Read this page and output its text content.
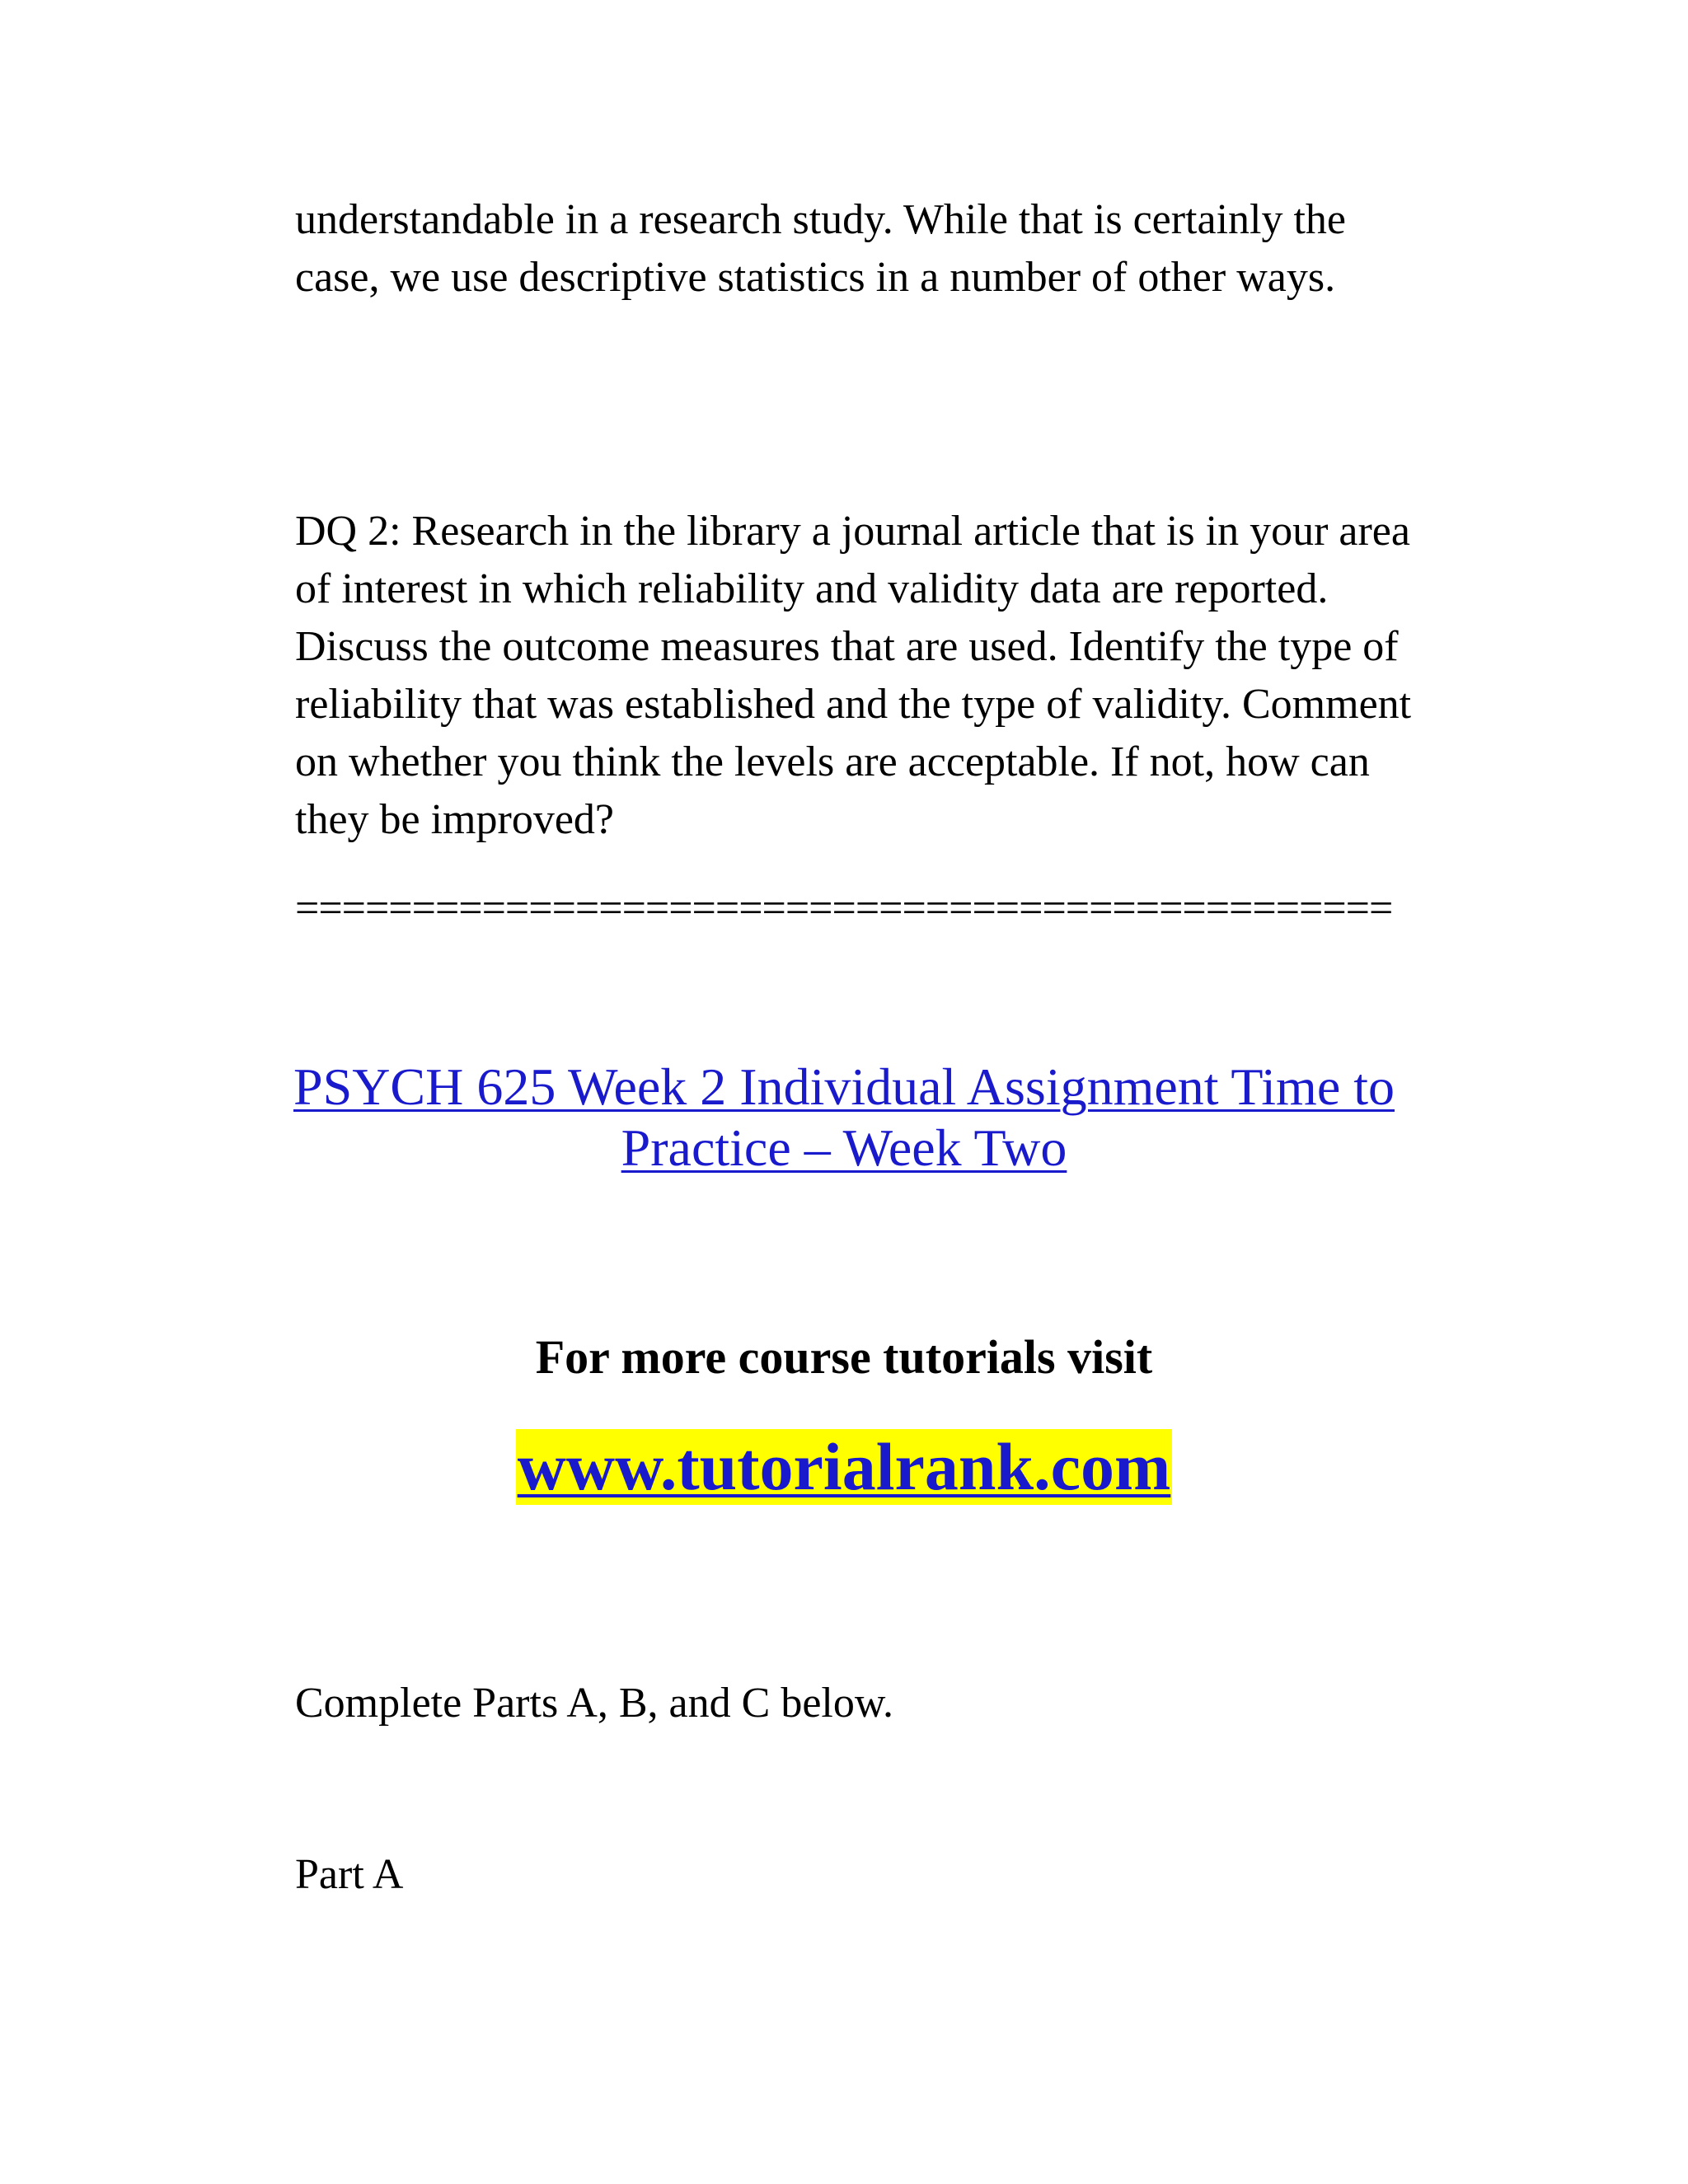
understandable in a research study. While that is certainly the
case, we use descriptive statistics in a number of other ways.

DQ 2: Research in the library a journal article that is in your area
of interest in which reliability and validity data are reported.
Discuss the outcome measures that are used. Identify the type of
reliability that was established and the type of validity. Comment
on whether you think the levels are acceptable. If not, how can
they be improved?

===============================================
PSYCH 625 Week 2 Individual Assignment Time to
Practice – Week Two
For more course tutorials visit
www.tutorialrank.com

Complete Parts A, B, and C below.

Part A
